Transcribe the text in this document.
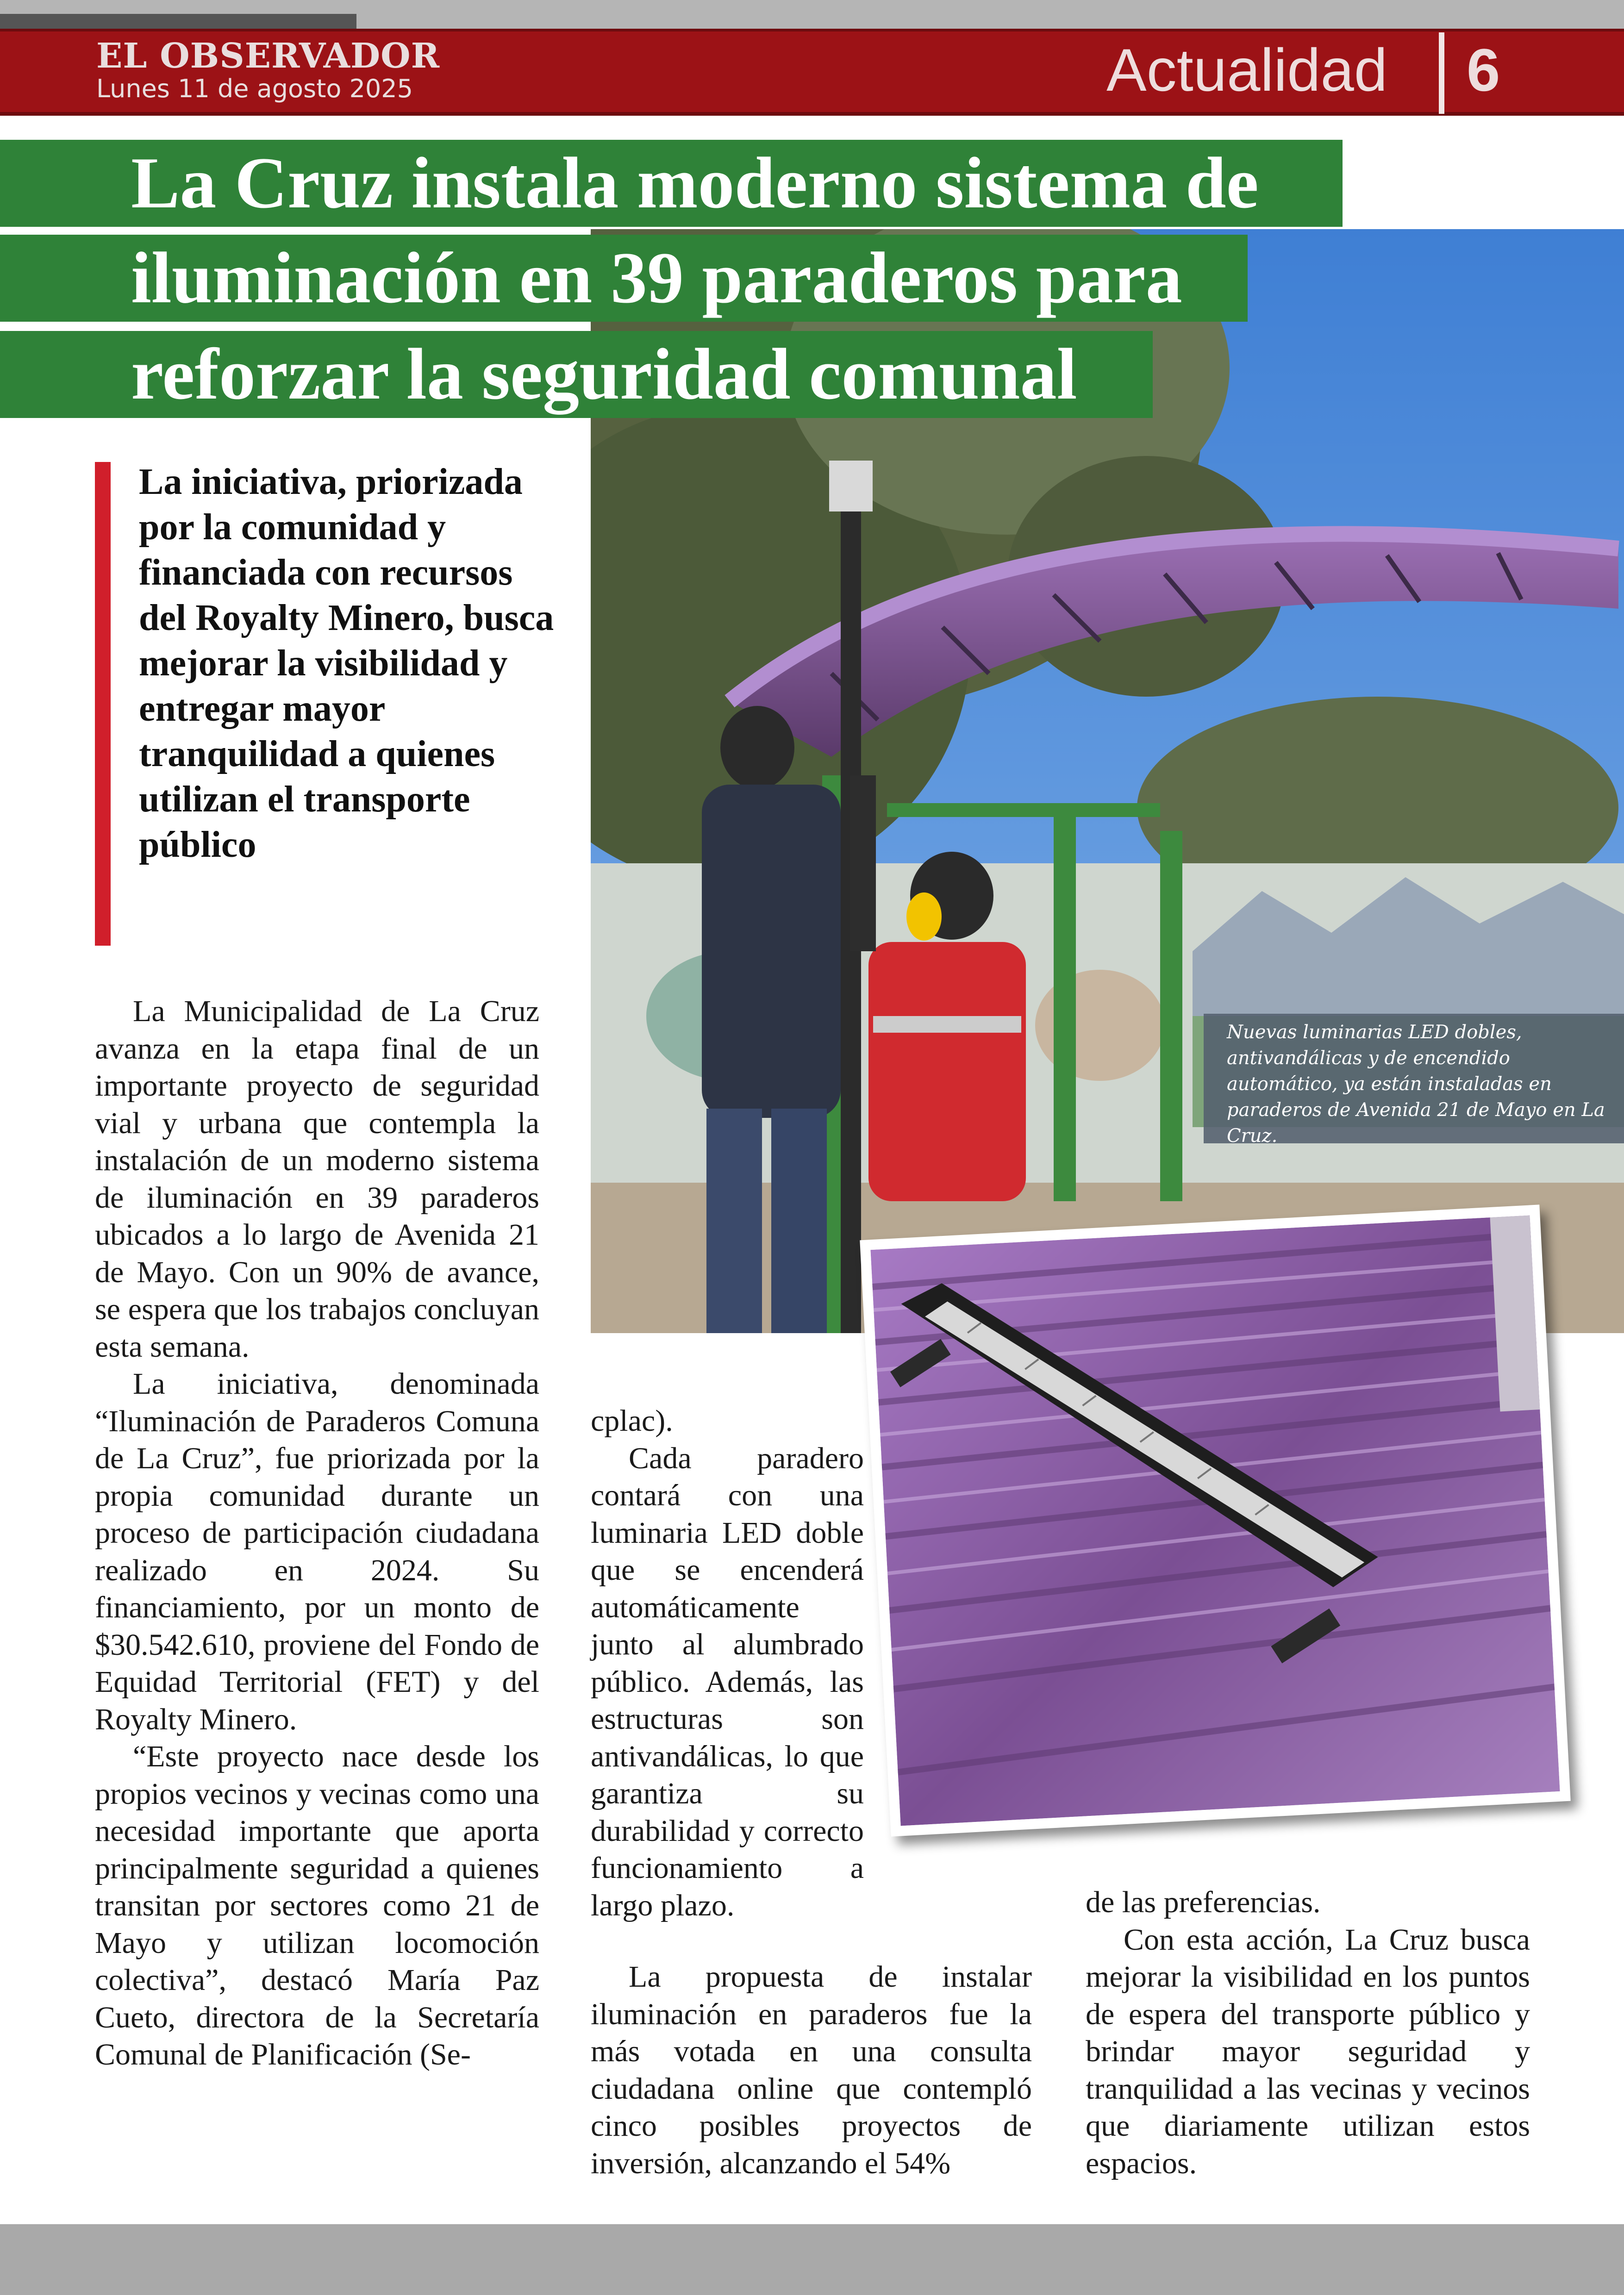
EL OBSERVADOR
Lunes 11 de agosto 2025	Actualidad 6
La Cruz instala moderno sistema de
iluminación en 39 paraderos para
reforzar la seguridad comunal
Nuevas luminarias LED dobles, antivandálicas y de encendido automático, ya están instaladas en paraderos de Avenida 21 de Mayo en La Cruz.
La iniciativa, priorizada por la comunidad y financiada con recursos del Royalty Minero, busca mejorar la visibilidad y entregar mayor tranquilidad a quienes utilizan el transporte público

La Municipalidad de La Cruz avanza en la etapa final de un importante proyecto de seguridad vial y urbana que contempla la instalación de un moderno sistema de iluminación en 39 paraderos ubicados a lo largo de Avenida 21 de Mayo. Con un 90% de avance, se espera que los trabajos concluyan esta semana.

La iniciativa, denominada “Iluminación de Paraderos Comuna de La Cruz”, fue priorizada por la propia comunidad durante un proceso de participación ciudadana realizado en 2024. Su financiamiento, por un monto de $30.542.610, proviene del Fondo de Equidad Territorial (FET) y del Royalty Minero.

“Este proyecto nace desde los propios vecinos y vecinas como una necesidad importante que aporta principalmente seguridad a quienes transitan por sectores como 21 de Mayo y utilizan locomoción colectiva”, destacó María Paz Cueto, directora de la Secretaría Comunal de Planificación (Se-

cplac).

Cada paradero contará con una luminaria LED doble que se encenderá automáticamente junto al alumbrado público. Además, las estructuras son antivandálicas, lo que garantiza su durabilidad y correcto funcionamiento a largo plazo.

La propuesta de instalar iluminación en paraderos fue la más votada en una consulta ciudadana online que contempló cinco posibles proyectos de inversión, alcanzando el 54%

de las preferencias.

Con esta acción, La Cruz busca mejorar la visibilidad en los puntos de espera del transporte público y brindar mayor seguridad y tranquilidad a las vecinas y vecinos que diariamente utilizan estos espacios.
